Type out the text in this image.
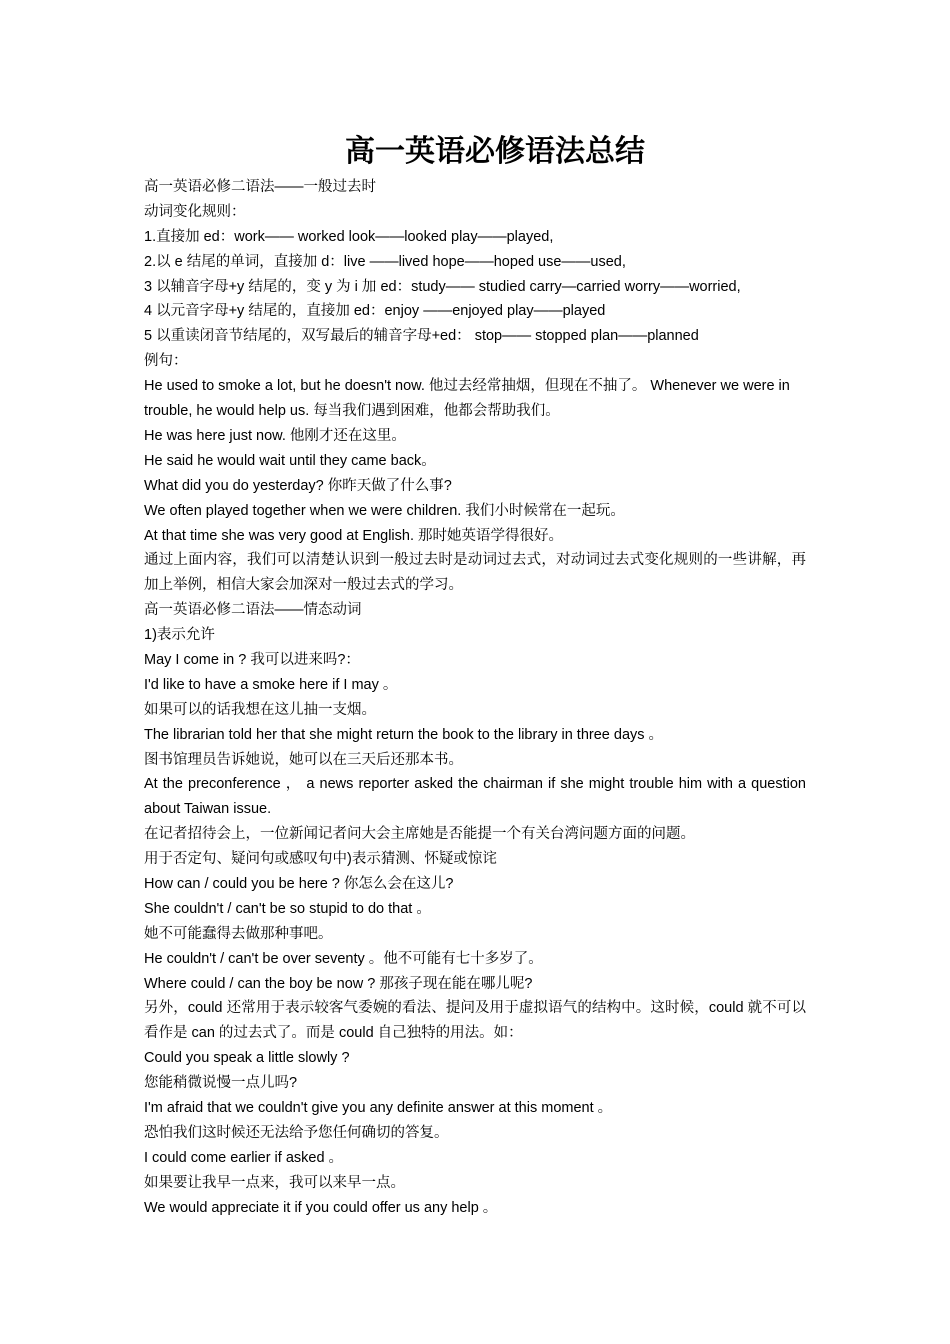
高一英语必修语法总结

高一英语必修二语法——一般过去时

动词变化规则：

1.直接加 ed：work—— worked look——looked play——played,

2.以 e 结尾的单词，直接加 d：live ——lived hope——hoped use——used,

3 以辅音字母+y 结尾的，变 y 为 i 加 ed：study—— studied carry—carried worry——worried,

4 以元音字母+y 结尾的，直接加 ed：enjoy ——enjoyed play——played

5 以重读闭音节结尾的，双写最后的辅音字母+ed： stop—— stopped plan——planned

例句：

He used to smoke a lot, but he doesn't now. 他过去经常抽烟，但现在不抽了。 Whenever we were in trouble, he would help us. 每当我们遇到困难，他都会帮助我们。

He was here just now. 他刚才还在这里。

He said he would wait until they came back。

What did you do yesterday? 你昨天做了什么事?

We often played together when we were children. 我们小时候常在一起玩。

At that time she was very good at English. 那时她英语学得很好。

通过上面内容，我们可以清楚认识到一般过去时是动词过去式，对动词过去式变化规则的一些讲解，再加上举例，相信大家会加深对一般过去式的学习。

高一英语必修二语法——情态动词

1)表示允许

May I come in ? 我可以进来吗?：

I'd like to have a smoke here if I may 。

如果可以的话我想在这儿抽一支烟。

The librarian told her that she might return the book to the library in three days 。

图书馆理员告诉她说，她可以在三天后还那本书。

At the preconference ， a news reporter asked the chairman if she might trouble him with a question about Taiwan issue.

在记者招待会上，一位新闻记者问大会主席她是否能提一个有关台湾问题方面的问题。

用于否定句、疑问句或感叹句中)表示猜测、怀疑或惊诧

How can / could you be here ? 你怎么会在这儿?

She couldn't / can't be so stupid to do that 。

她不可能蠢得去做那种事吧。

He couldn't / can't be over seventy 。他不可能有七十多岁了。

Where could / can the boy be now ? 那孩子现在能在哪儿呢?

另外，could 还常用于表示较客气委婉的看法、提问及用于虚拟语气的结构中。这时候，could 就不可以看作是 can 的过去式了。而是 could 自己独特的用法。如：

Could you speak a little slowly ?

您能稍微说慢一点儿吗?

I'm afraid that we couldn't give you any definite answer at this moment 。

恐怕我们这时候还无法给予您任何确切的答复。

I could come earlier if asked 。

如果要让我早一点来，我可以来早一点。

We would appreciate it if you could offer us any help 。
